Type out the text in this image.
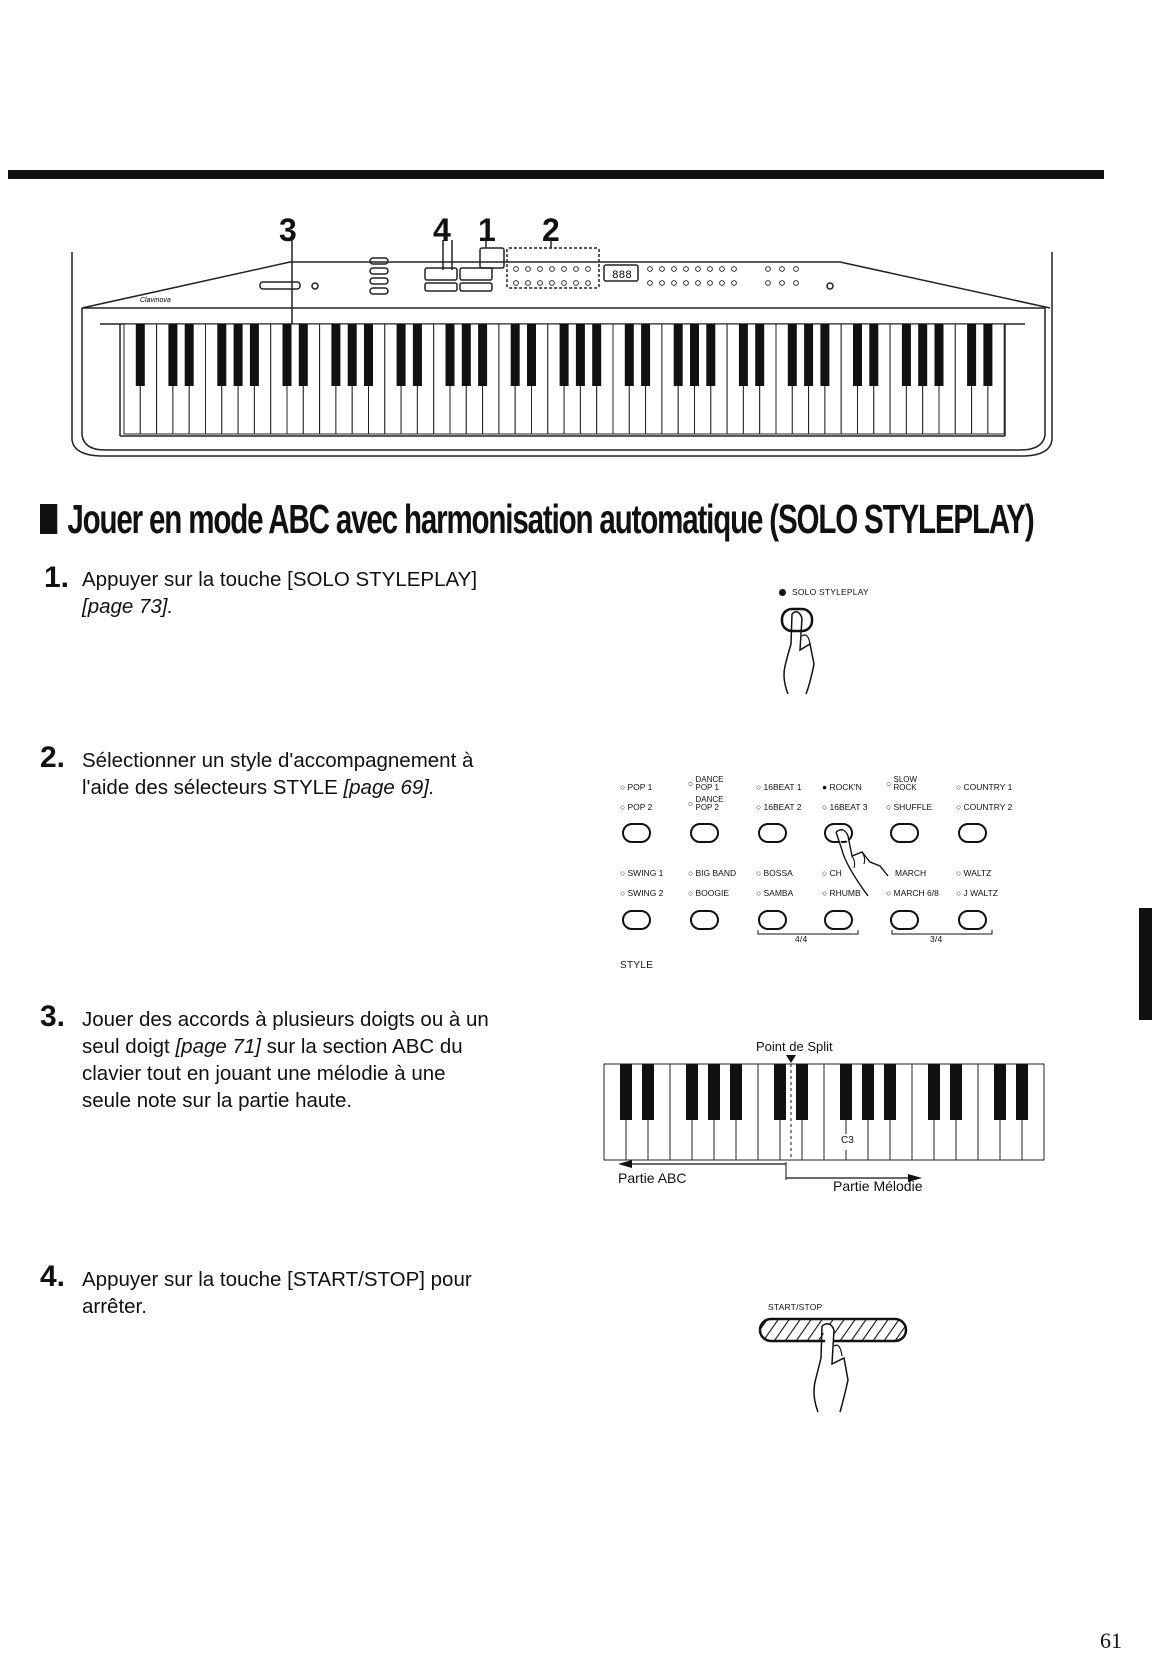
3	4 1 2
888
Clavinova
Jouer en mode ABC avec harmonisation automatique (SOLO STYLEPLAY)
1. Appuyer sur la touche [SOLO STYLEPLAY]
[page 73].
SOLO STYLEPLAY
2. Sélectionner un style d'accompagnement à
l'aide des sélecteurs STYLE [page 69].	○ POP 1
○ POP 2
○ DANCE
POP 1
○ DANCE
POP 2
○ 16BEAT 1
○ 16BEAT 2
● ROCK'N
○ 16BEAT 3
○ SLOW
ROCK
○ SHUFFLE
○ COUNTRY 1
○ COUNTRY 2
○ SWING 1
○ SWING 2
○ BIG BAND
○ BOOGIE
○ BOSSA
○ SAMBA
○ CH
○ RHUMB
MARCH
○ MARCH 6/8
○ WALTZ
○ J WALTZ
4/4	3/4
STYLE
3. Jouer des accords à plusieurs doigts ou à un
seul doigt [page 71] sur la section ABC du
clavier tout en jouant une mélodie à une
seule note sur la partie haute.
Point de Split
C3
Partie ABC	Partie Mélodie
4. Appuyer sur la touche [START/STOP] pour
arrêter.	START/STOP
61
